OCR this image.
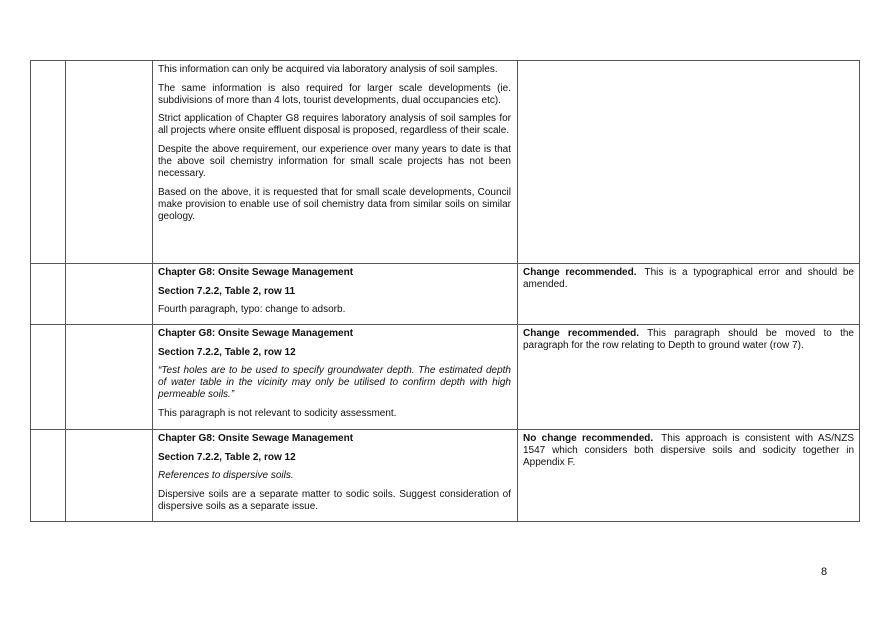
		This information can only be acquired via laboratory analysis of soil samples.

The same information is also required for larger scale developments (ie. subdivisions of more than 4 lots, tourist developments, dual occupancies etc).

Strict application of Chapter G8 requires laboratory analysis of soil samples for all projects where onsite effluent disposal is proposed, regardless of their scale.

Despite the above requirement, our experience over many years to date is that the above soil chemistry information for small scale projects has not been necessary.

Based on the above, it is requested that for small scale developments, Council make provision to enable use of soil chemistry data from similar soils on similar geology.	

		Chapter G8: Onsite Sewage Management

Section 7.2.2, Table 2, row 11

Fourth paragraph, typo: change to adsorb.	Change recommended. This is a typographical error and should be amended.

		Chapter G8: Onsite Sewage Management

Section 7.2.2, Table 2, row 12

“Test holes are to be used to specify groundwater depth. The estimated depth of water table in the vicinity may only be utilised to confirm depth with high permeable soils.”

This paragraph is not relevant to sodicity assessment.	Change recommended. This paragraph should be moved to the paragraph for the row relating to Depth to ground water (row 7).

		Chapter G8: Onsite Sewage Management

Section 7.2.2, Table 2, row 12

References to dispersive soils.

Dispersive soils are a separate matter to sodic soils. Suggest consideration of dispersive soils as a separate issue.	No change recommended. This approach is consistent with AS/NZS 1547 which considers both dispersive soils and sodicity together in Appendix F.

8
